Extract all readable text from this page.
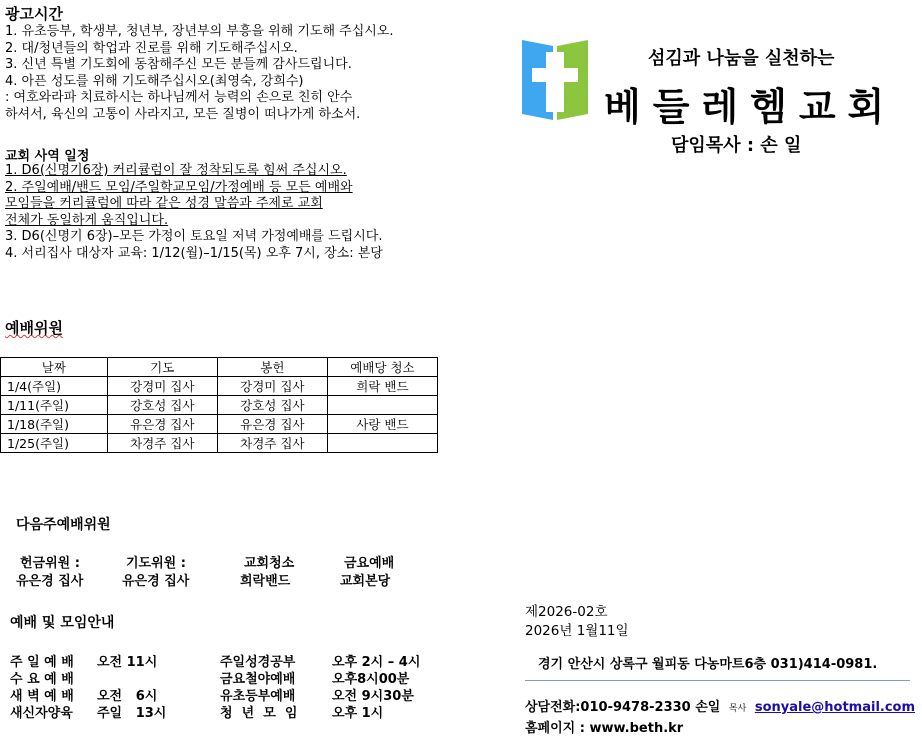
광고시간
1. 유초등부, 학생부, 청년부, 장년부의 부흥을 위해 기도해 주십시오.
2. 대/청년들의 학업과 진로를 위해 기도해주십시오.
3. 신년 특별 기도회에 동참해주신 모든 분들께 감사드립니다.
4. 아픈 성도를 위해 기도해주십시오(최영숙, 강희수)
: 여호와라파 치료하시는 하나님께서 능력의 손으로 친히 안수
하셔서, 육신의 고통이 사라지고, 모든 질병이 떠나가게 하소서.
교회 사역 일정
1. D6(신명기6장) 커리큘럼이 잘 정착되도록 힘써 주십시오.
2. 주일예배/밴드 모임/주일학교모임/가정예배 등 모든 예배와
모임들을 커리큘럼에 따라 같은 성경 말씀과 주제로 교회
전체가 동일하게 움직입니다.
3. D6(신명기 6장)–모든 가정이 토요일 저녁 가정예배를 드립시다.
4. 서리집사 대상자 교육: 1/12(월)–1/15(목) 오후 7시, 장소: 본당
예배위원
날짜	기도	봉헌	예배당 청소
1/4(주일)	강경미 집사	강경미 집사	희락 밴드
1/11(주일)	강호성 집사	강호성 집사	
1/18(주일)	유은경 집사	유은경 집사	사랑 밴드
1/25(주일)	차경주 집사	차경주 집사	
다음주예배위원
헌금위원 :
유은경 집사
기도위원 :
유은경 집사
교회청소
희락밴드
금요예배
교회본당
예배 및 모임안내
주 일 예 배 오전 11시
수 요 예 배
새 벽 예 배 오전   6시
새신자양육 주일   13시
주일성경공부	오후 2시 – 4시
금요철야예배	오후8시00분
유초등부예배	오전 9시30분
청  년  모  임	오후 1시
섬김과 나눔을 실천하는
베들레헴교회
담임목사 : 손 일
제2026-02호
2026년 1월11일
경기 안산시 상록구 월피동 다농마트6층 031)414-0981.
상담전화:010-9478-2330 손일 목사 sonyale@hotmail.com
홈페이지 : www.beth.kr
